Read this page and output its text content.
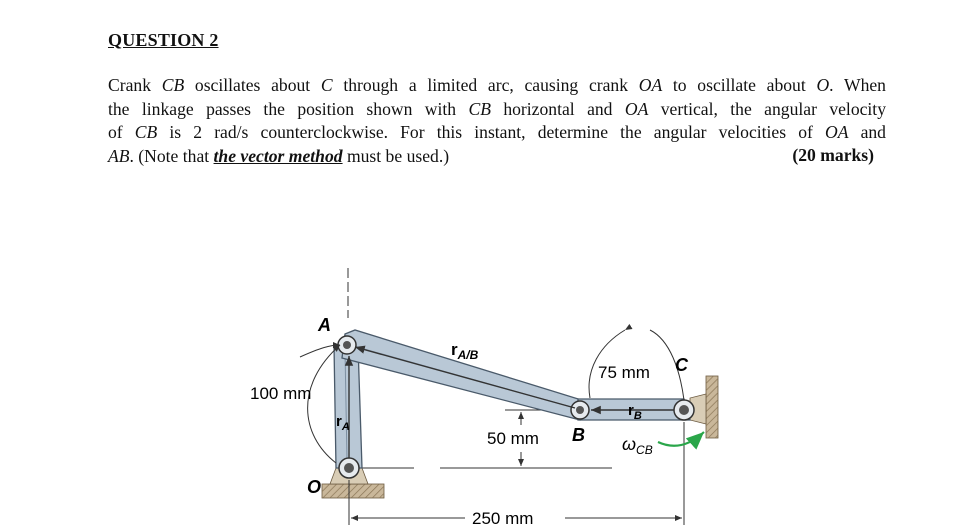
QUESTION 2
Crank CB oscillates about C through a limited arc, causing crank OA to oscillate about O. When
the linkage passes the position shown with CB horizontal and OA vertical, the angular velocity
of CB is 2 rad/s counterclockwise. For this instant, determine the angular velocities of OA and
AB. (Note that the vector method must be used.)	(20 marks)
A
O
B
C
$r_{A/B}$
$r_A$
$r_B$
$\omega_{CB}$
100 mm
75 mm
50 mm
250 mm
